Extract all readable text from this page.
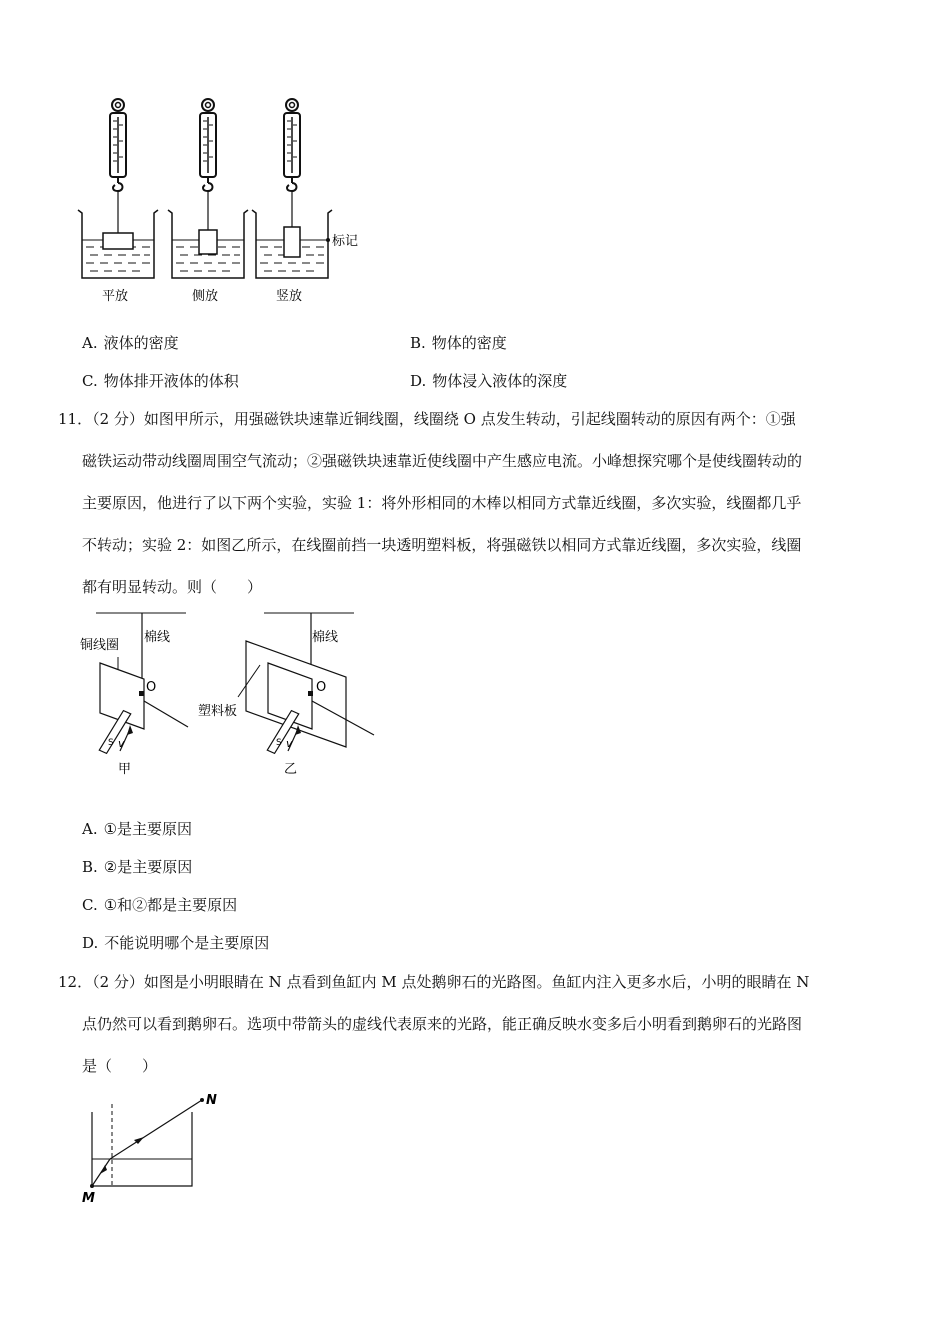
平放	侧放	竖放
标记
A. 液体的密度	B. 物体的密度
C. 物体排开液体的体积	D. 物体浸入液体的深度
11．（2 分）如图甲所示，用强磁铁块速靠近铜线圈，线圈绕 O 点发生转动，引起线圈转动的原因有两个：①强
磁铁运动带动线圈周围空气流动；②强磁铁块速靠近使线圈中产生感应电流。小峰想探究哪个是使线圈转动的
主要原因，他进行了以下两个实验，实验 1：将外形相同的木棒以相同方式靠近线圈，多次实验，线圈都几乎
不转动；实验 2：如图乙所示，在线圈前挡一块透明塑料板，将强磁铁以相同方式靠近线圈，多次实验，线圈
都有明显转动。则（　　）
铜线圈
棉线
O
S v
甲
棉线
塑料板
O
S v
乙
A. ①是主要原因
B. ②是主要原因
C. ①和②都是主要原因
D. 不能说明哪个是主要原因
12．（2 分）如图是小明眼睛在 N 点看到鱼缸内 M 点处鹅卵石的光路图。鱼缸内注入更多水后，小明的眼睛在 N
点仍然可以看到鹅卵石。选项中带箭头的虚线代表原来的光路，能正确反映水变多后小明看到鹅卵石的光路图
是（　　）
N
M
